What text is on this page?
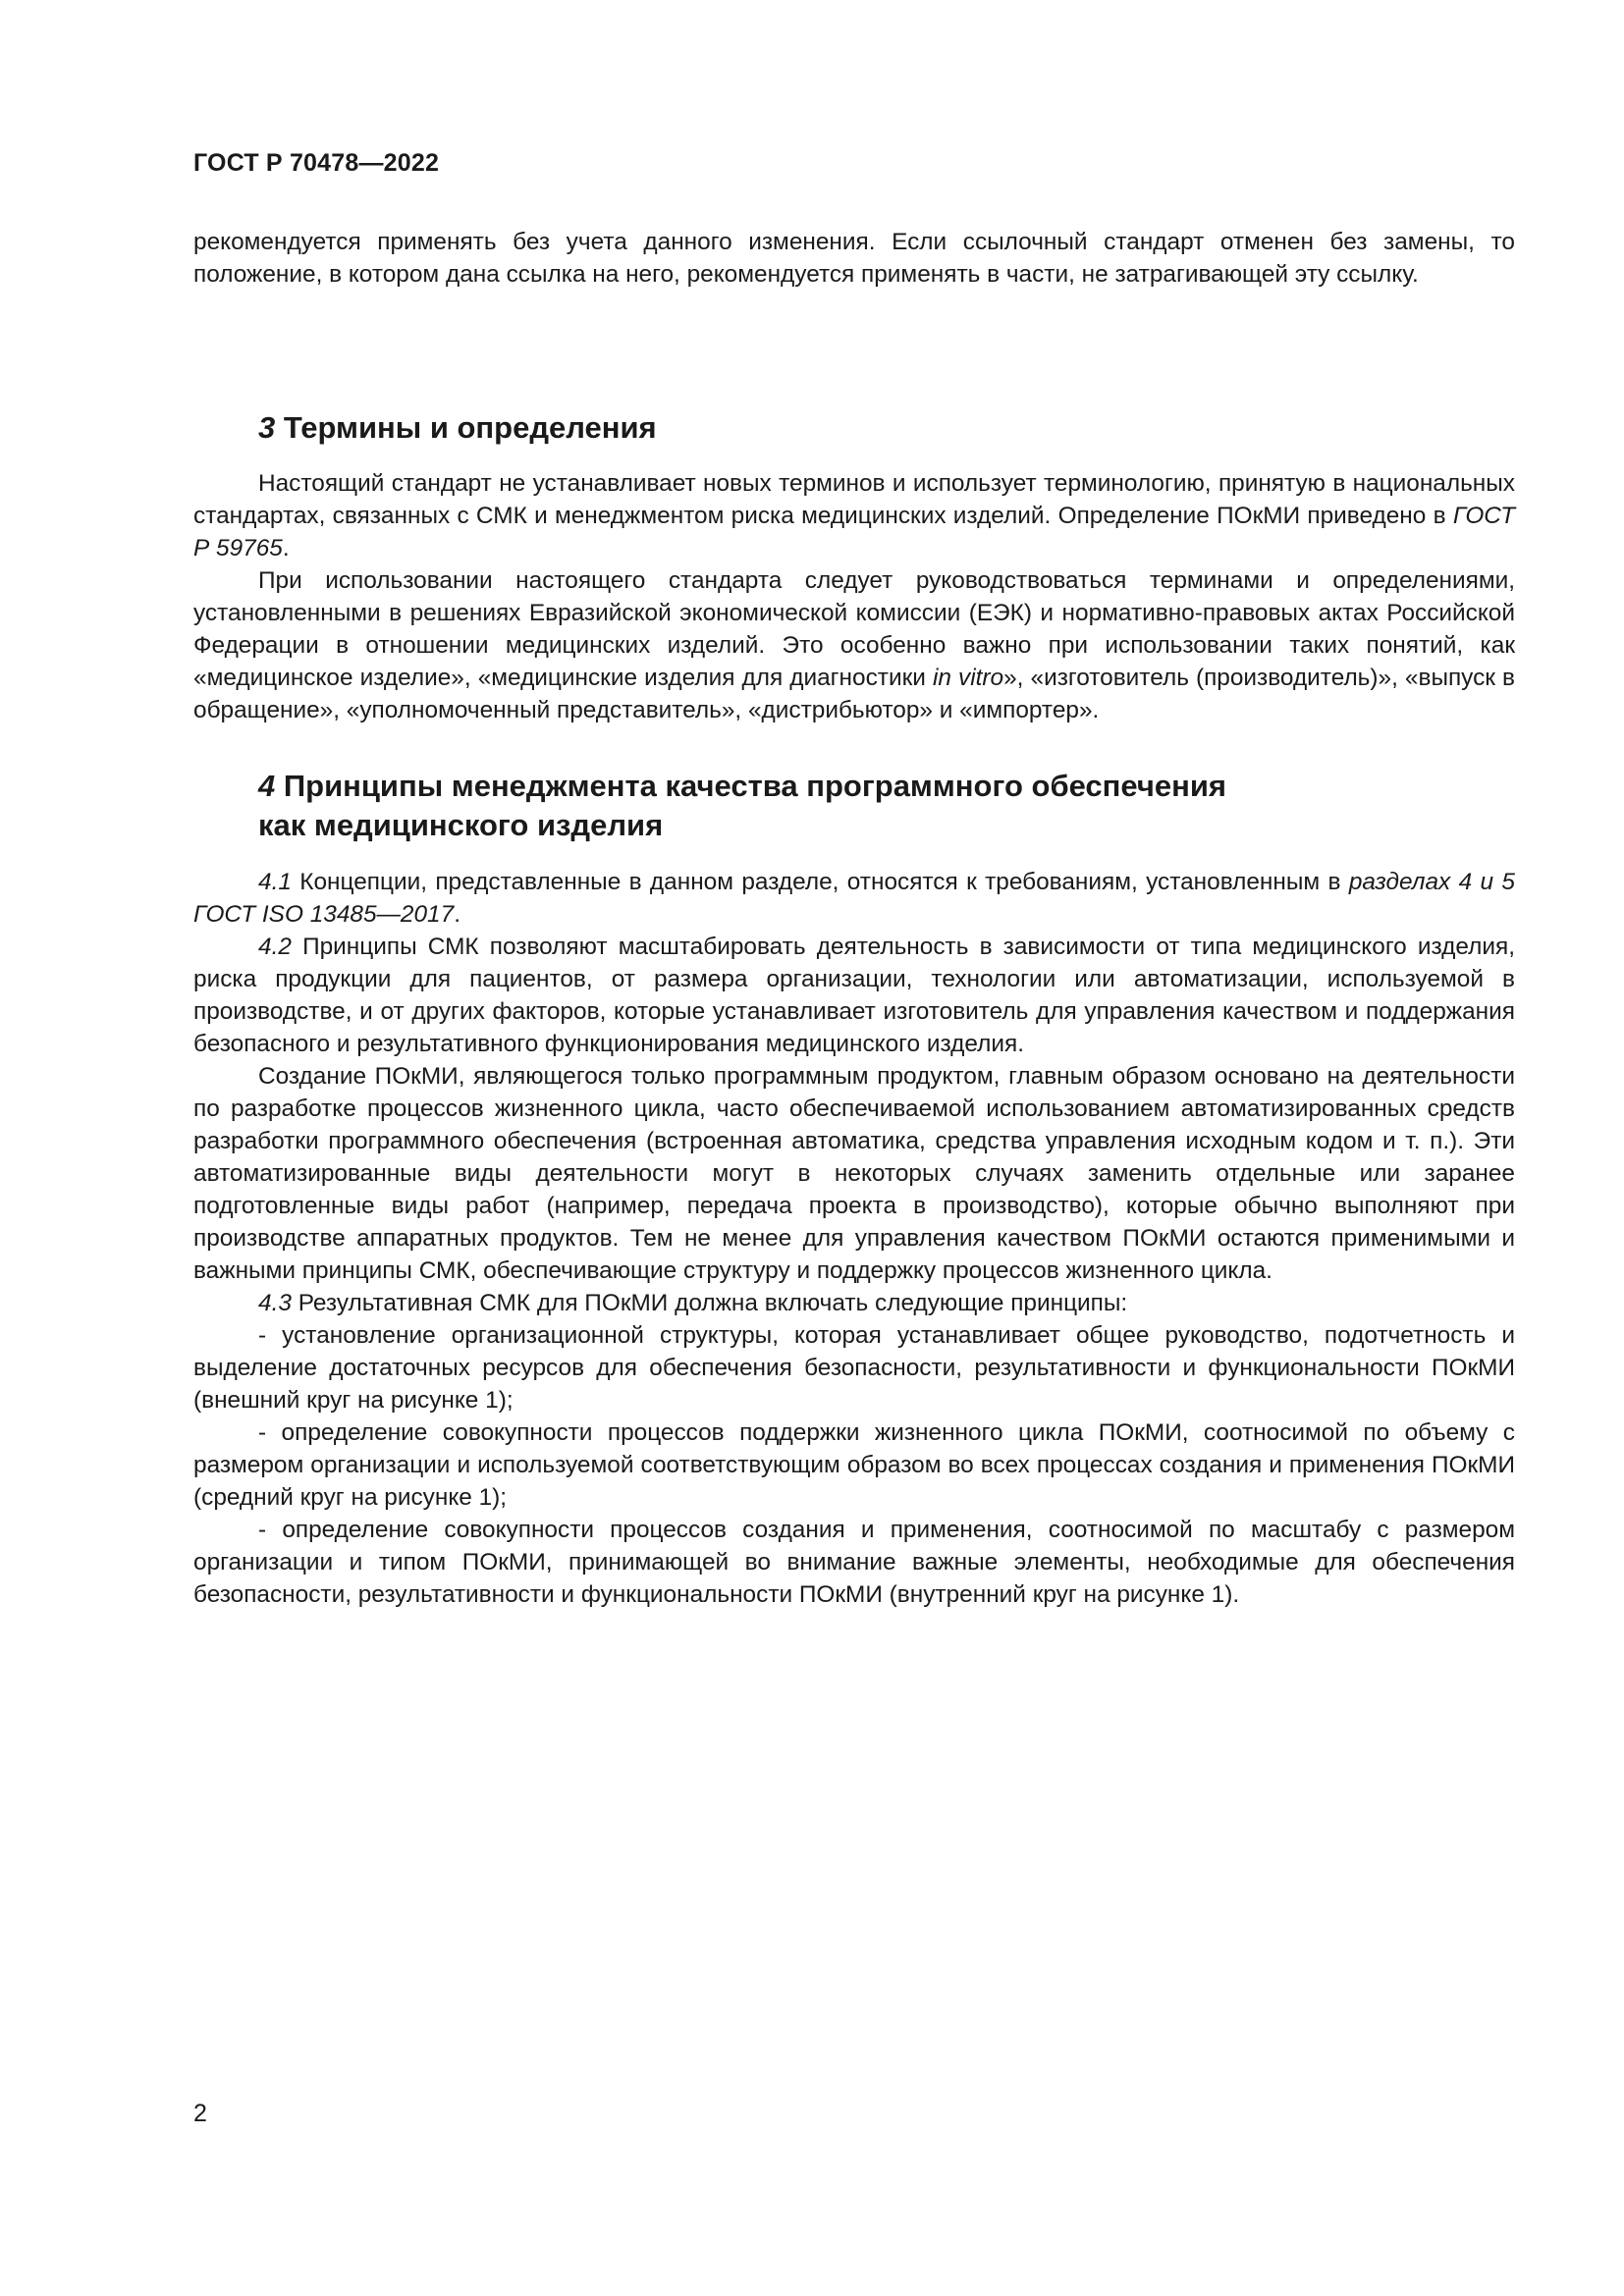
ГОСТ Р 70478—2022

рекомендуется применять без учета данного изменения. Если ссылочный стандарт отменен без замены, то положение, в котором дана ссылка на него, рекомендуется применять в части, не затрагивающей эту ссылку.

3 Термины и определения

Настоящий стандарт не устанавливает новых терминов и использует терминологию, принятую в национальных стандартах, связанных с СМК и менеджментом риска медицинских изделий. Определение ПОкМИ приведено в ГОСТ Р 59765.

При использовании настоящего стандарта следует руководствоваться терминами и определениями, установленными в решениях Евразийской экономической комиссии (ЕЭК) и нормативно-правовых актах Российской Федерации в отношении медицинских изделий. Это особенно важно при использовании таких понятий, как «медицинское изделие», «медицинские изделия для диагностики in vitro», «изготовитель (производитель)», «выпуск в обращение», «уполномоченный представитель», «дистрибьютор» и «импортер».

4 Принципы менеджмента качества программного обеспечения
как медицинского изделия

4.1 Концепции, представленные в данном разделе, относятся к требованиям, установленным в разделах 4 и 5 ГОСТ ISO 13485—2017.

4.2 Принципы СМК позволяют масштабировать деятельность в зависимости от типа медицинского изделия, риска продукции для пациентов, от размера организации, технологии или автоматизации, используемой в производстве, и от других факторов, которые устанавливает изготовитель для управления качеством и поддержания безопасного и результативного функционирования медицинского изделия.

Создание ПОкМИ, являющегося только программным продуктом, главным образом основано на деятельности по разработке процессов жизненного цикла, часто обеспечиваемой использованием автоматизированных средств разработки программного обеспечения (встроенная автоматика, средства управления исходным кодом и т. п.). Эти автоматизированные виды деятельности могут в некоторых случаях заменить отдельные или заранее подготовленные виды работ (например, передача проекта в производство), которые обычно выполняют при производстве аппаратных продуктов. Тем не менее для управления качеством ПОкМИ остаются применимыми и важными принципы СМК, обеспечивающие структуру и поддержку процессов жизненного цикла.

4.3 Результативная СМК для ПОкМИ должна включать следующие принципы:

- установление организационной структуры, которая устанавливает общее руководство, подотчетность и выделение достаточных ресурсов для обеспечения безопасности, результативности и функциональности ПОкМИ (внешний круг на рисунке 1);

- определение совокупности процессов поддержки жизненного цикла ПОкМИ, соотносимой по объему с размером организации и используемой соответствующим образом во всех процессах создания и применения ПОкМИ (средний круг на рисунке 1);

- определение совокупности процессов создания и применения, соотносимой по масштабу с размером организации и типом ПОкМИ, принимающей во внимание важные элементы, необходимые для обеспечения безопасности, результативности и функциональности ПОкМИ (внутренний круг на рисунке 1).

2
